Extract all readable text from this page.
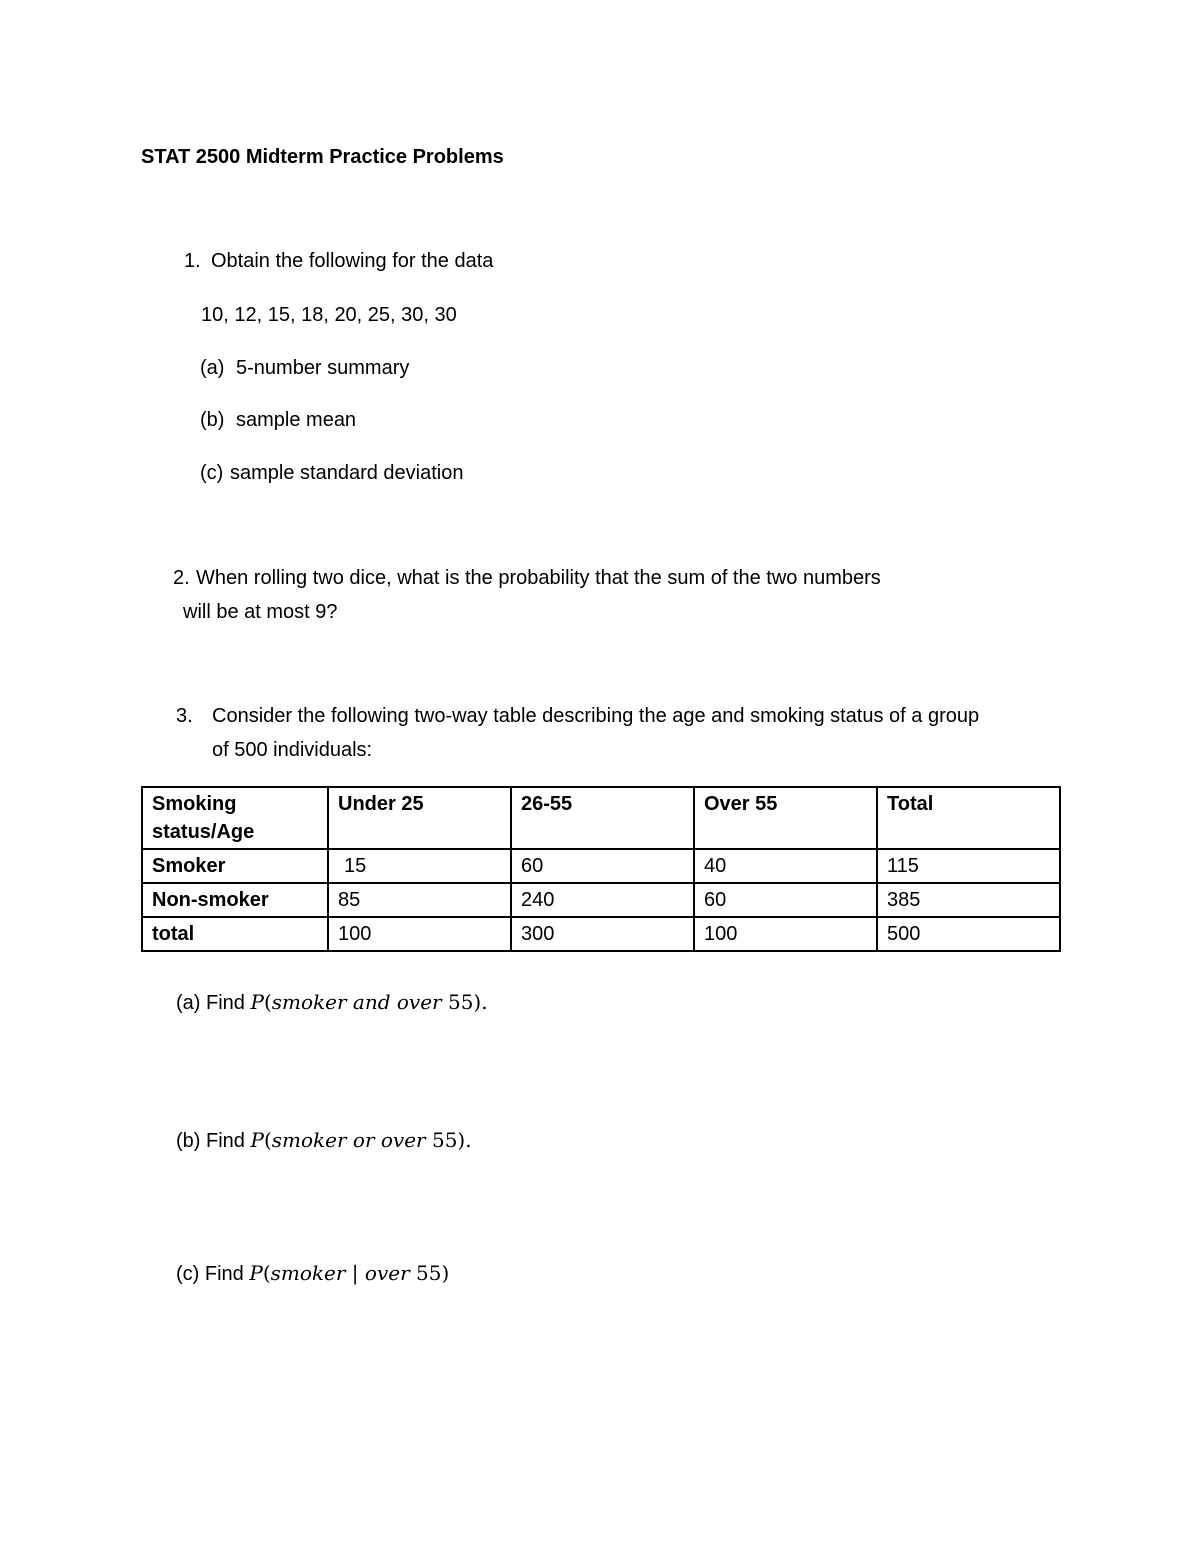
STAT 2500 Midterm Practice Problems
1. Obtain the following for the data
10, 12, 15, 18, 20, 25, 30, 30
(a) 5-number summary
(b) sample mean
(c) sample standard deviation
2. When rolling two dice, what is the probability that the sum of the two numbers
will be at most 9?
3. Consider the following two-way table describing the age and smoking status of a group
of 500 individuals:
Smoking status/Age	Under 25	26-55	Over 55	Total
Smoker	15	60	40	115
Non-smoker	85	240	60	385
total	100	300	100	500
(a) Find P(smoker and over 55).
(b) Find P(smoker or over 55).
(c) Find P(smoker | over 55)
